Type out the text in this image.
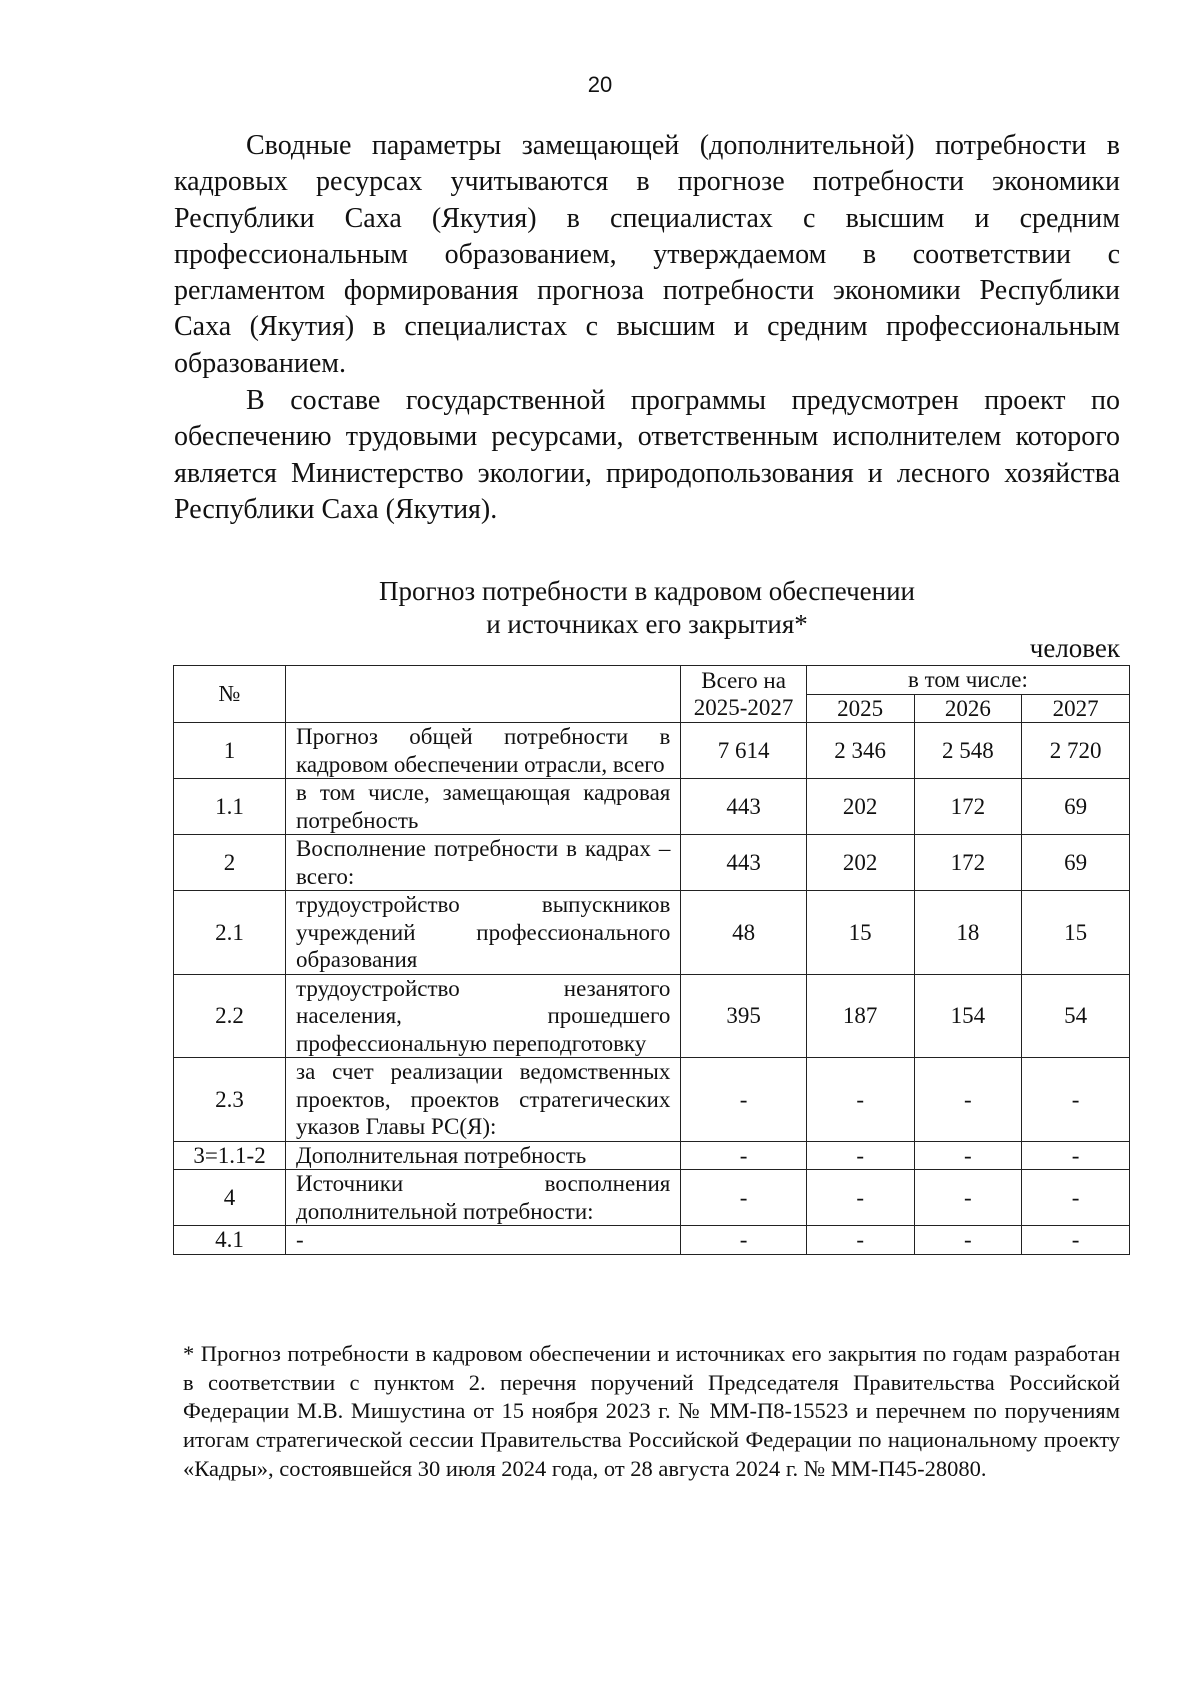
20

Сводные параметры замещающей (дополнительной) потребности в кадровых ресурсах учитываются в прогнозе потребности экономики Республики Саха (Якутия) в специалистах с высшим и средним профессиональным образованием, утверждаемом в соответствии с регламентом формирования прогноза потребности экономики Республики Саха (Якутия) в специалистах с высшим и средним профессиональным образованием.

В составе государственной программы предусмотрен проект по обеспечению трудовыми ресурсами, ответственным исполнителем которого является Министерство экологии, природопользования и лесного хозяйства Республики Саха (Якутия).

Прогноз потребности в кадровом обеспечении
и источниках его закрытия*
человек
№		Всего на 2025-2027	в том числе:		
			2025	2026	2027
1	Прогноз общей потребности в кадровом обеспечении отрасли, всего	7 614	2 346	2 548	2 720
1.1	в том числе, замещающая кадровая потребность	443	202	172	69
2	Восполнение потребности в кадрах – всего:	443	202	172	69
2.1	трудоустройство выпускников учреждений профессионального образования	48	15	18	15
2.2	трудоустройство незанятого населения, прошедшего профессиональную переподготовку	395	187	154	54
2.3	за счет реализации ведомственных проектов, проектов стратегических указов Главы РС(Я):	-	-	-	-
3=1.1-2	Дополнительная потребность	-	-	-	-
4	Источники восполнения дополнительной потребности:	-	-	-	-
4.1	-	-	-	-	-

* Прогноз потребности в кадровом обеспечении и источниках его закрытия по годам разработан в соответствии с пунктом 2. перечня поручений Председателя Правительства Российской Федерации М.В. Мишустина от 15 ноября 2023 г. № ММ-П8-15523 и перечнем по поручениям итогам стратегической сессии Правительства Российской Федерации по национальному проекту «Кадры», состоявшейся 30 июля 2024 года, от 28 августа 2024 г. № ММ-П45-28080.
